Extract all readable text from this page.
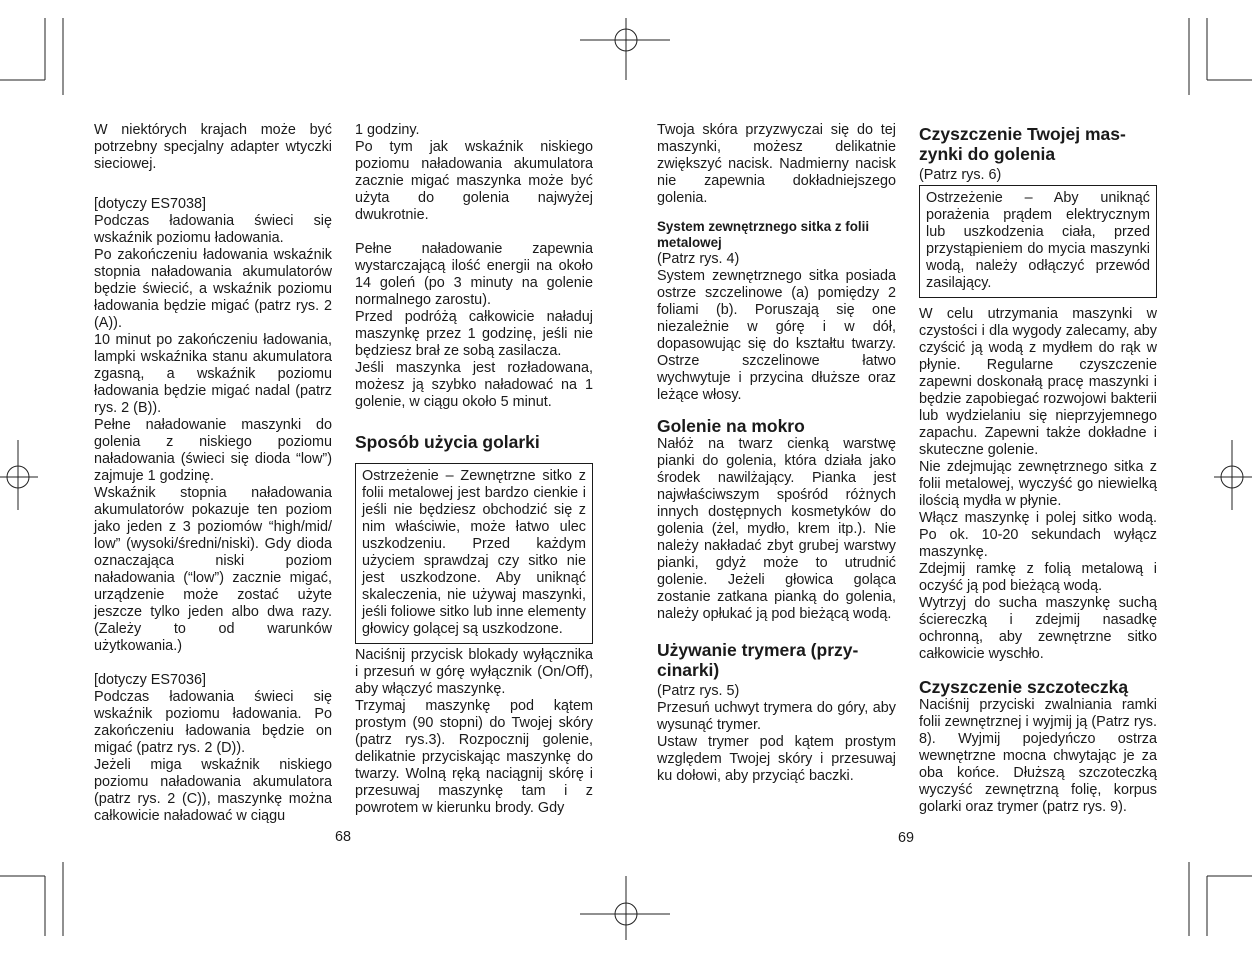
W niektórych krajach może być potrzebny specjalny adapter wtyczki sieciowej.

[dotyczy ES7038]

Podczas ładowania świeci się wskaźnik poziomu ładowania.

Po zakończeniu ładowania wskaźnik stopnia naładowania akumulatorów będzie świecić, a wskaźnik poziomu ładowania będzie migać (patrz rys. 2 (A)).

10 minut po zakończeniu ładowania, lampki wskaźnika stanu akumulatora zgasną, a wskaźnik poziomu ładowania będzie migać nadal (patrz rys. 2 (B)).

Pełne naładowanie maszynki do golenia z niskiego poziomu naładowania (świeci się dioda “low”) zajmuje 1 godzinę.

Wskaźnik stopnia naładowania akumulatorów pokazuje ten poziom jako jeden z 3 poziomów “high/mid/ low” (wysoki/średni/niski). Gdy dioda oznaczająca niski poziom naładowania (“low”) zacznie migać, urządzenie może zostać użyte jeszcze tylko jeden albo dwa razy. (Zależy to od warunków użytkowania.)

[dotyczy ES7036]

Podczas ładowania świeci się wskaźnik poziomu ładowania. Po zakończeniu ładowania będzie on migać (patrz rys. 2 (D)).

Jeżeli miga wskaźnik niskiego poziomu naładowania akumulatora (patrz rys. 2 (C)), maszynkę można całkowicie naładować w ciągu

1 godziny.

Po tym jak wskaźnik niskiego poziomu naładowania akumulatora zacznie migać maszynka może być użyta do golenia najwyżej dwukrotnie.

Pełne naładowanie zapewnia wystarczającą ilość energii na około 14 goleń (po 3 minuty na golenie normalnego zarostu).

Przed podróżą całkowicie naładuj maszynkę przez 1 godzinę, jeśli nie będziesz brał ze sobą zasilacza.

Jeśli maszynka jest rozładowana, możesz ją szybko naładować na 1 golenie, w ciągu około 5 minut.

Sposób użycia golarki

Ostrzeżenie – Zewnętrzne sitko z folii metalowej jest bardzo cienkie i jeśli nie będziesz obchodzić się z nim właściwie, może łatwo ulec uszkodzeniu. Przed każdym użyciem sprawdzaj czy sitko nie jest uszkodzone. Aby uniknąć skaleczenia, nie używaj maszynki, jeśli foliowe sitko lub inne elementy głowicy golącej są uszkodzone.

Naciśnij przycisk blokady wyłącznika i przesuń w górę wyłącznik (On/Off), aby włączyć maszynkę.

Trzymaj maszynkę pod kątem prostym (90 stopni) do Twojej skóry (patrz rys.3). Rozpocznij golenie, delikatnie przyciskając maszynkę do twarzy. Wolną ręką naciągnij skórę i przesuwaj maszynkę tam i z powrotem w kierunku brody. Gdy

Twoja skóra przyzwyczai się do tej maszynki, możesz delikatnie zwiększyć nacisk. Nadmierny nacisk nie zapewnia dokładniejszego golenia.

System zewnętrznego sitka z folii metalowej

(Patrz rys. 4)

System zewnętrznego sitka posiada ostrze szczelinowe (a) pomiędzy 2 foliami (b). Poruszają się one niezależnie w górę i w dół, dopasowując się do kształtu twarzy. Ostrze szczelinowe łatwo wychwytuje i przycina dłuższe oraz leżące włosy.

Golenie na mokro

Nałóż na twarz cienką warstwę pianki do golenia, która działa jako środek nawilżający. Pianka jest najwłaściwszym spośród różnych innych dostępnych kosmetyków do golenia (żel, mydło, krem itp.). Nie należy nakładać zbyt grubej warstwy pianki, gdyż może to utrudnić golenie. Jeżeli głowica goląca zostanie zatkana pianką do golenia, należy opłukać ją pod bieżącą wodą.

Używanie trymera (przy-cinarki)

(Patrz rys. 5)

Przesuń uchwyt trymera do góry, aby wysunąć trymer.

Ustaw trymer pod kątem prostym względem Twojej skóry i przesuwaj ku dołowi, aby przyciąć baczki.

Czyszczenie Twojej mas-zynki do golenia

(Patrz rys. 6)

Ostrzeżenie – Aby uniknąć porażenia prądem elektrycznym lub uszkodzenia ciała, przed przystąpieniem do mycia maszynki wodą, należy odłączyć przewód zasilający.

W celu utrzymania maszynki w czystości i dla wygody zalecamy, aby czyścić ją wodą z mydłem do rąk w płynie. Regularne czyszczenie zapewni doskonałą pracę maszynki i będzie zapobiegać rozwojowi bakterii lub wydzielaniu się nieprzyjemnego zapachu. Zapewni także dokładne i skuteczne golenie.

Nie zdejmując zewnętrznego sitka z folii metalowej, wyczyść go niewielką ilością mydła w płynie.

Włącz maszynkę i polej sitko wodą. Po ok. 10-20 sekundach wyłącz maszynkę.

Zdejmij ramkę z folią metalową i oczyść ją pod bieżącą wodą.

Wytrzyj do sucha maszynkę suchą ściereczką i zdejmij nasadkę ochronną, aby zewnętrzne sitko całkowicie wyschło.

Czyszczenie szczoteczką

Naciśnij przyciski zwalniania ramki folii zewnętrznej i wyjmij ją (Patrz rys. 8). Wyjmij pojedyńczo ostrza wewnętrzne mocna chwytając je za oba końce. Dłuższą szczoteczką wyczyść zewnętrzną folię, korpus golarki oraz trymer (patrz rys. 9).

68	69
